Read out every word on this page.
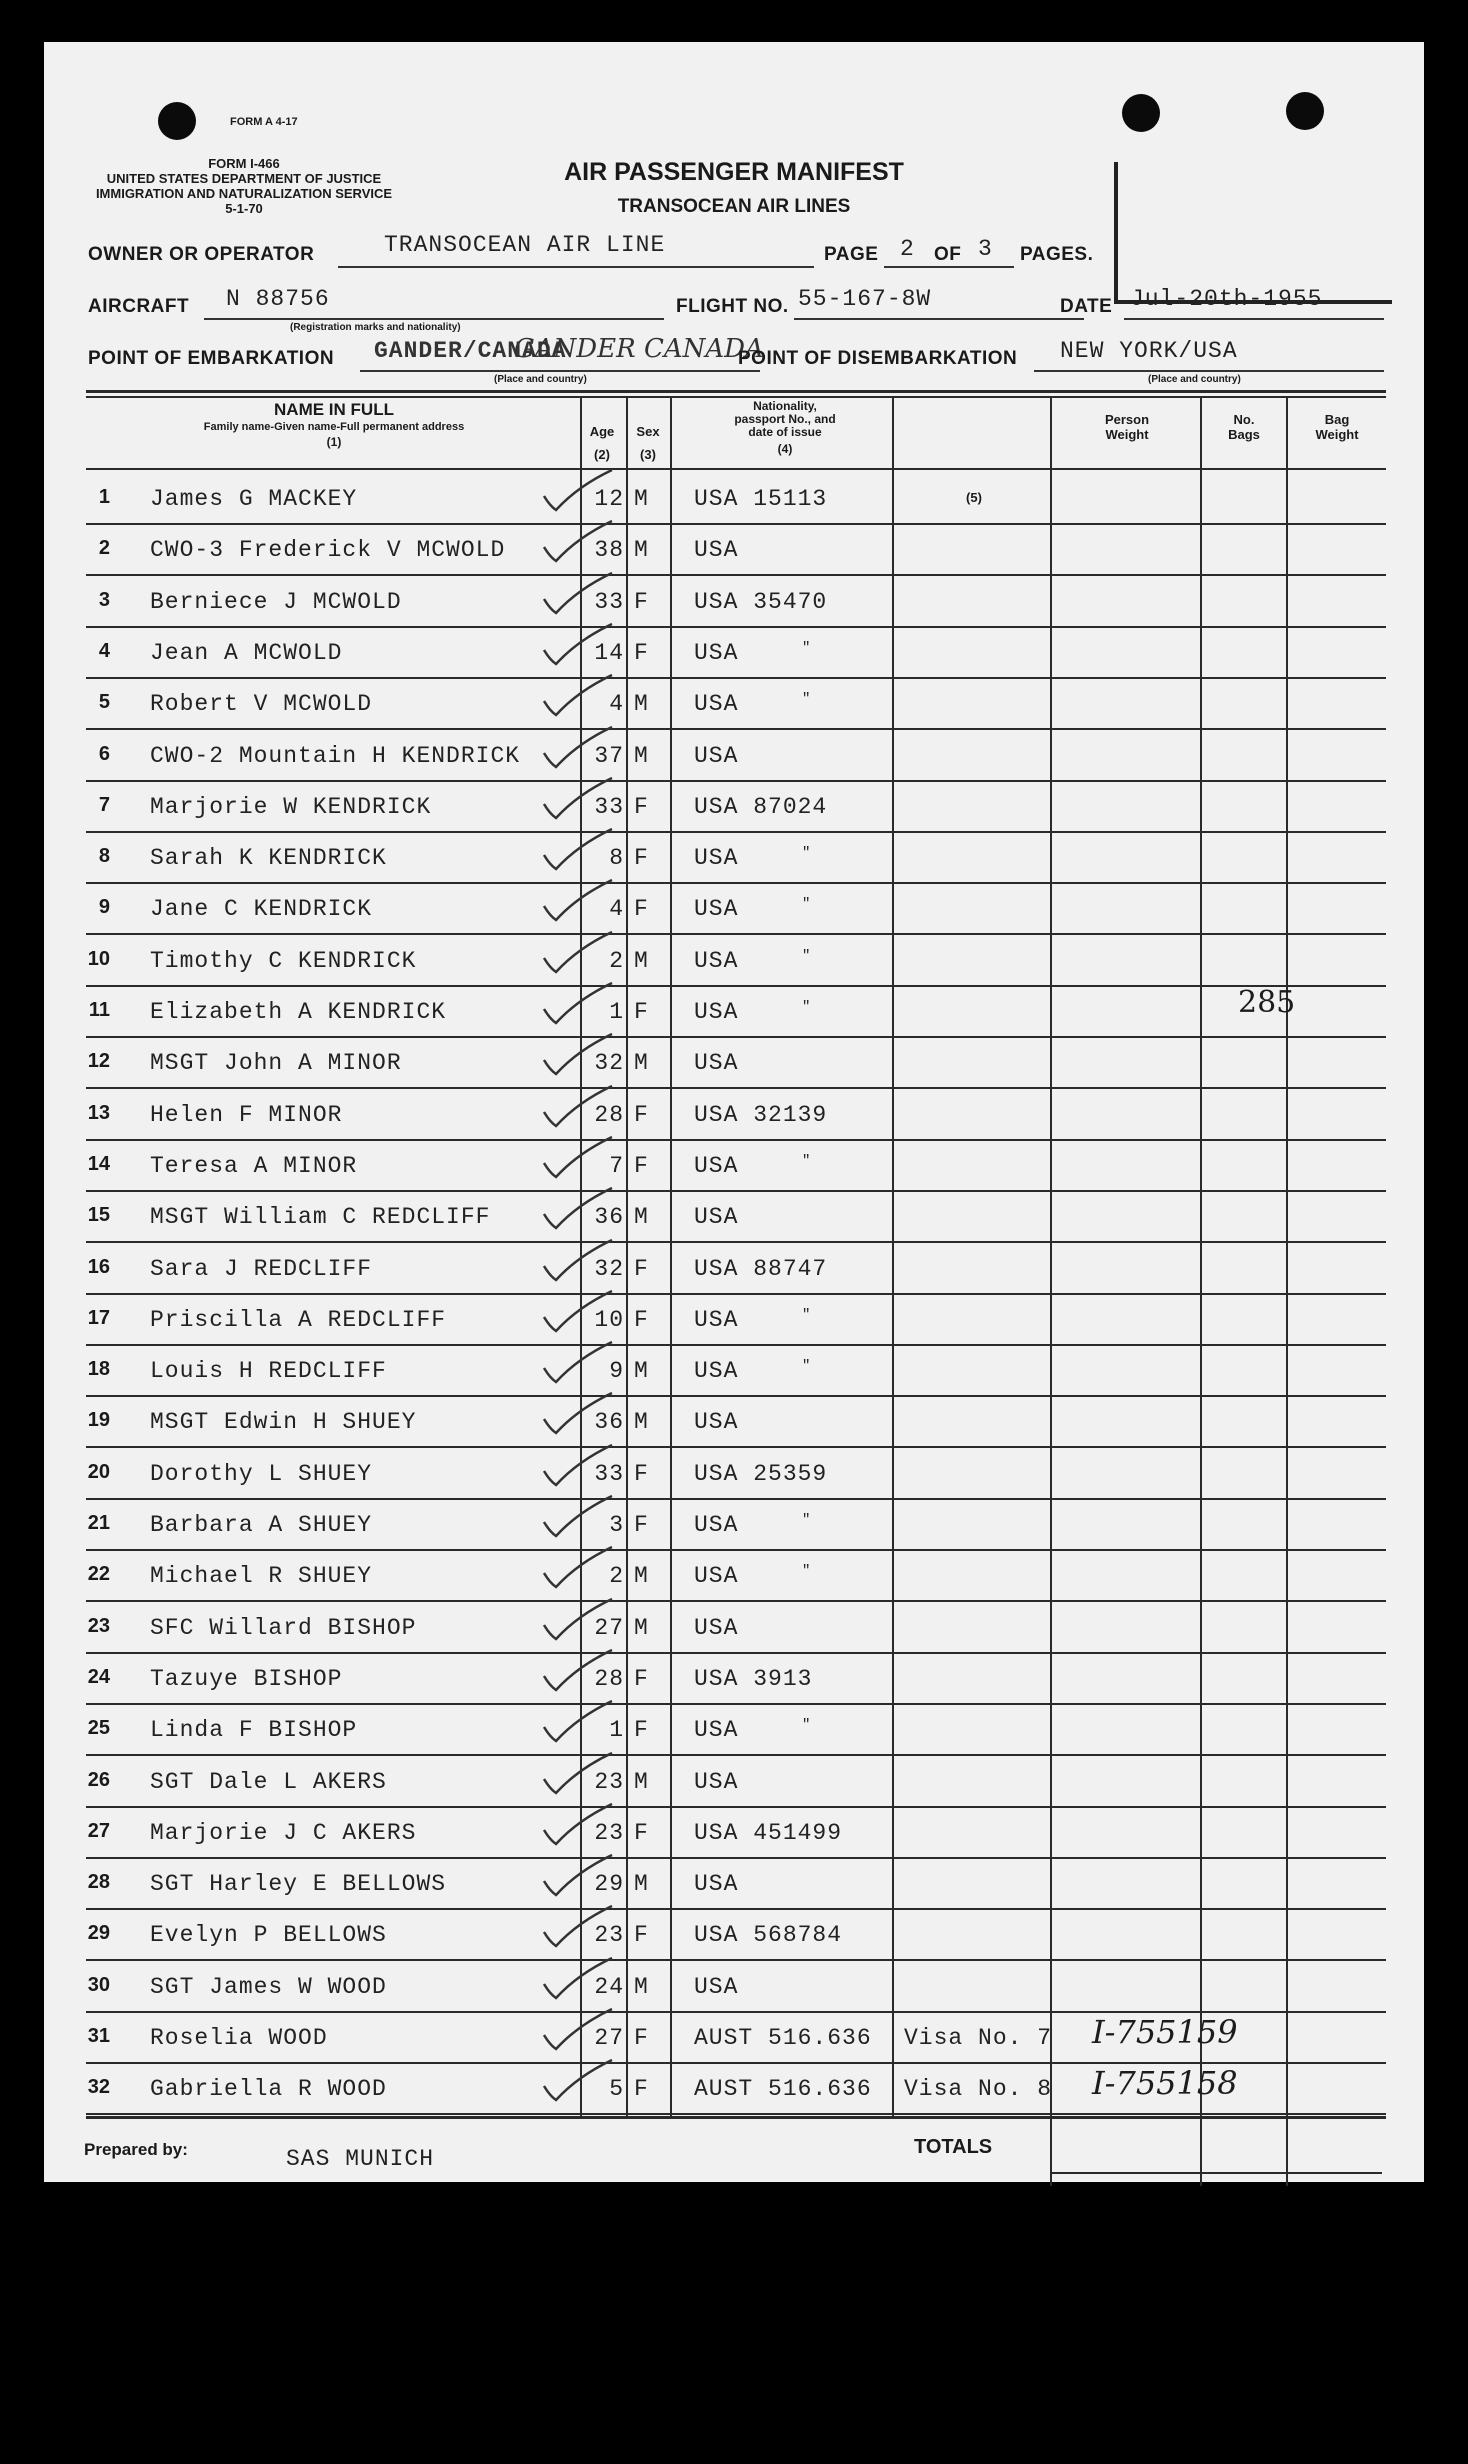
FORM A 4-17
FORM I-466
UNITED STATES DEPARTMENT OF JUSTICE
IMMIGRATION AND NATURALIZATION SERVICE
5-1-70
AIR PASSENGER MANIFEST
TRANSOCEAN AIR LINES
OWNER OR OPERATOR	TRANSOCEAN AIR LINE	PAGE 2 OF 3 PAGES.
AIRCRAFT N 88756
(Registration marks and nationality)
FLIGHT NO. 55-167-8W	DATE Jul-20th-1955
POINT OF EMBARKATION GANDER/CANADA
GANDER CANADA
(Place and country)
POINT OF DISEMBARKATION NEW YORK/USA
(Place and country)
NAME IN FULL
Family name-Given name-Full permanent address
(1)
Age
(2)
Sex
(3)
Nationality,
passport No., and
date of issue
(4)
(5)
Person
Weight
No.
Bags
Bag
Weight
1 James G MACKEY	12 M USA 15113
2 CWO-3 Frederick V MCWOLD	38 M USA
3 Berniece J MCWOLD	33 F USA 35470
4 Jean A MCWOLD	14 F USA	"
5 Robert V MCWOLD	4 M USA	"
6 CWO-2 Mountain H KENDRICK	37 M USA
7 Marjorie W KENDRICK	33 F USA 87024
8 Sarah K KENDRICK	8 F USA	"
9 Jane C KENDRICK	4 F USA	"
10 Timothy C KENDRICK	2 M USA	"
11 Elizabeth A KENDRICK	1 F USA	"	285
12 MSGT John A MINOR	32 M USA
13 Helen F MINOR	28 F USA 32139
14 Teresa A MINOR	7 F USA	"
15 MSGT William C REDCLIFF	36 M USA
16 Sara J REDCLIFF	32 F USA 88747
17 Priscilla A REDCLIFF	10 F USA	"
18 Louis H REDCLIFF	9 M USA	"
19 MSGT Edwin H SHUEY	36 M USA
20 Dorothy L SHUEY	33 F USA 25359
21 Barbara A SHUEY	3 F USA	"
22 Michael R SHUEY	2 M USA	"
23 SFC Willard BISHOP	27 M USA
24 Tazuye BISHOP	28 F USA 3913
25 Linda F BISHOP	1 F USA	"
26 SGT Dale L AKERS	23 M USA
27 Marjorie J C AKERS	23 F USA 451499
28 SGT Harley E BELLOWS	29 M USA
29 Evelyn P BELLOWS	23 F USA 568784
30 SGT James W WOOD	24 M USA
31 Roselia WOOD	27 F AUST 516.636 Visa No. 7 I-755159
32 Gabriella R WOOD	5 F AUST 516.636 Visa No. 8 I-755158
Prepared by:	SAS MUNICH	TOTALS
